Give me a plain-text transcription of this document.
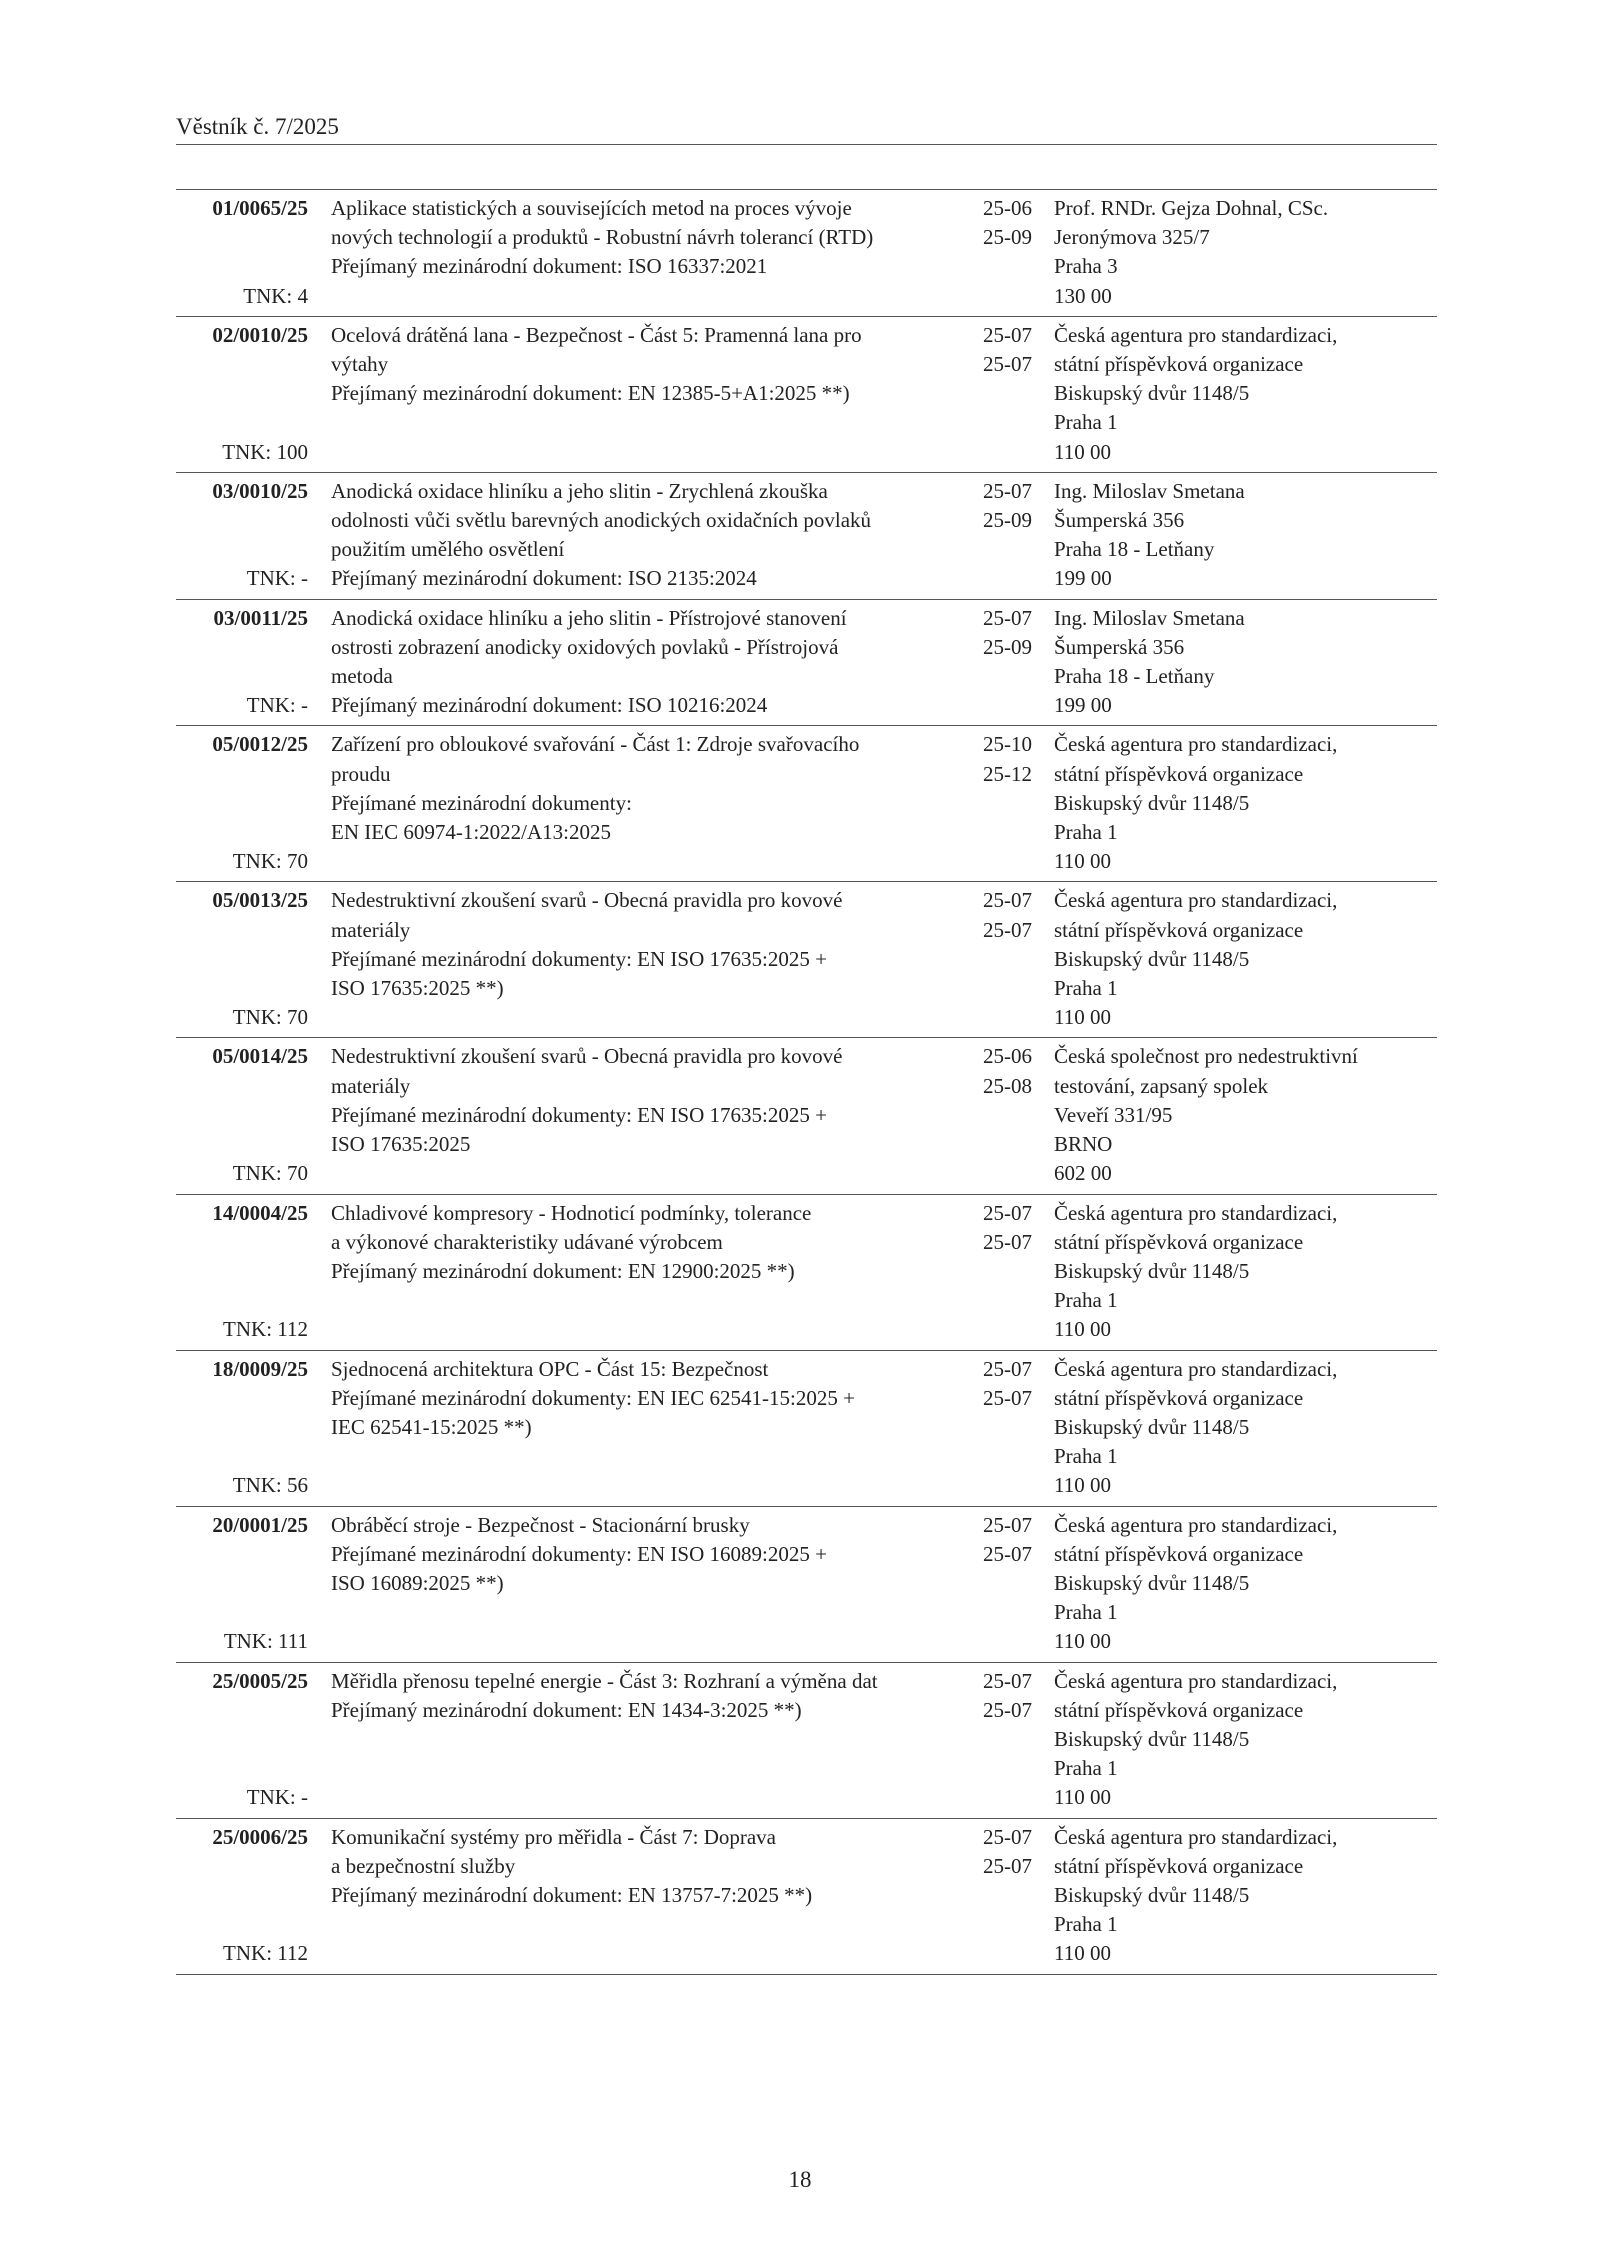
Věstník č. 7/2025
01/0065/25
TNK: 4
Aplikace statistických a souvisejících metod na proces vývoje
nových technologií a produktů - Robustní návrh tolerancí (RTD)
Přejímaný mezinárodní dokument: ISO 16337:2021
25-06
25-09
Prof. RNDr. Gejza Dohnal, CSc.
Jeronýmova 325/7
Praha 3
130 00
02/0010/25
TNK: 100
Ocelová drátěná lana - Bezpečnost - Část 5: Pramenná lana pro
výtahy
Přejímaný mezinárodní dokument: EN 12385-5+A1:2025 **)
25-07
25-07
Česká agentura pro standardizaci,
státní příspěvková organizace
Biskupský dvůr 1148/5
Praha 1
110 00
03/0010/25
TNK: -
Anodická oxidace hliníku a jeho slitin - Zrychlená zkouška
odolnosti vůči světlu barevných anodických oxidačních povlaků
použitím umělého osvětlení
Přejímaný mezinárodní dokument: ISO 2135:2024
25-07
25-09
Ing. Miloslav Smetana
Šumperská 356
Praha 18 - Letňany
199 00
03/0011/25
TNK: -
Anodická oxidace hliníku a jeho slitin - Přístrojové stanovení
ostrosti zobrazení anodicky oxidových povlaků - Přístrojová
metoda
Přejímaný mezinárodní dokument: ISO 10216:2024
25-07
25-09
Ing. Miloslav Smetana
Šumperská 356
Praha 18 - Letňany
199 00
05/0012/25
TNK: 70
Zařízení pro obloukové svařování - Část 1: Zdroje svařovacího
proudu
Přejímané mezinárodní dokumenty:
EN IEC 60974-1:2022/A13:2025
25-10
25-12
Česká agentura pro standardizaci,
státní příspěvková organizace
Biskupský dvůr 1148/5
Praha 1
110 00
05/0013/25
TNK: 70
Nedestruktivní zkoušení svarů - Obecná pravidla pro kovové
materiály
Přejímané mezinárodní dokumenty: EN ISO 17635:2025 +
ISO 17635:2025 **)
25-07
25-07
Česká agentura pro standardizaci,
státní příspěvková organizace
Biskupský dvůr 1148/5
Praha 1
110 00
05/0014/25
TNK: 70
Nedestruktivní zkoušení svarů - Obecná pravidla pro kovové
materiály
Přejímané mezinárodní dokumenty: EN ISO 17635:2025 +
ISO 17635:2025
25-06
25-08
Česká společnost pro nedestruktivní
testování, zapsaný spolek
Veveří 331/95
BRNO
602 00
14/0004/25
TNK: 112
Chladivové kompresory - Hodnoticí podmínky, tolerance
a výkonové charakteristiky udávané výrobcem
Přejímaný mezinárodní dokument: EN 12900:2025 **)
25-07
25-07
Česká agentura pro standardizaci,
státní příspěvková organizace
Biskupský dvůr 1148/5
Praha 1
110 00
18/0009/25
TNK: 56
Sjednocená architektura OPC - Část 15: Bezpečnost
Přejímané mezinárodní dokumenty: EN IEC 62541-15:2025 +
IEC 62541-15:2025 **)
25-07
25-07
Česká agentura pro standardizaci,
státní příspěvková organizace
Biskupský dvůr 1148/5
Praha 1
110 00
20/0001/25
TNK: 111
Obráběcí stroje - Bezpečnost - Stacionární brusky
Přejímané mezinárodní dokumenty: EN ISO 16089:2025 +
ISO 16089:2025 **)
25-07
25-07
Česká agentura pro standardizaci,
státní příspěvková organizace
Biskupský dvůr 1148/5
Praha 1
110 00
25/0005/25
TNK: -
Měřidla přenosu tepelné energie - Část 3: Rozhraní a výměna dat
Přejímaný mezinárodní dokument: EN 1434-3:2025 **)
25-07
25-07
Česká agentura pro standardizaci,
státní příspěvková organizace
Biskupský dvůr 1148/5
Praha 1
110 00
25/0006/25
TNK: 112
Komunikační systémy pro měřidla - Část 7: Doprava
a bezpečnostní služby
Přejímaný mezinárodní dokument: EN 13757-7:2025 **)
25-07
25-07
Česká agentura pro standardizaci,
státní příspěvková organizace
Biskupský dvůr 1148/5
Praha 1
110 00
18
